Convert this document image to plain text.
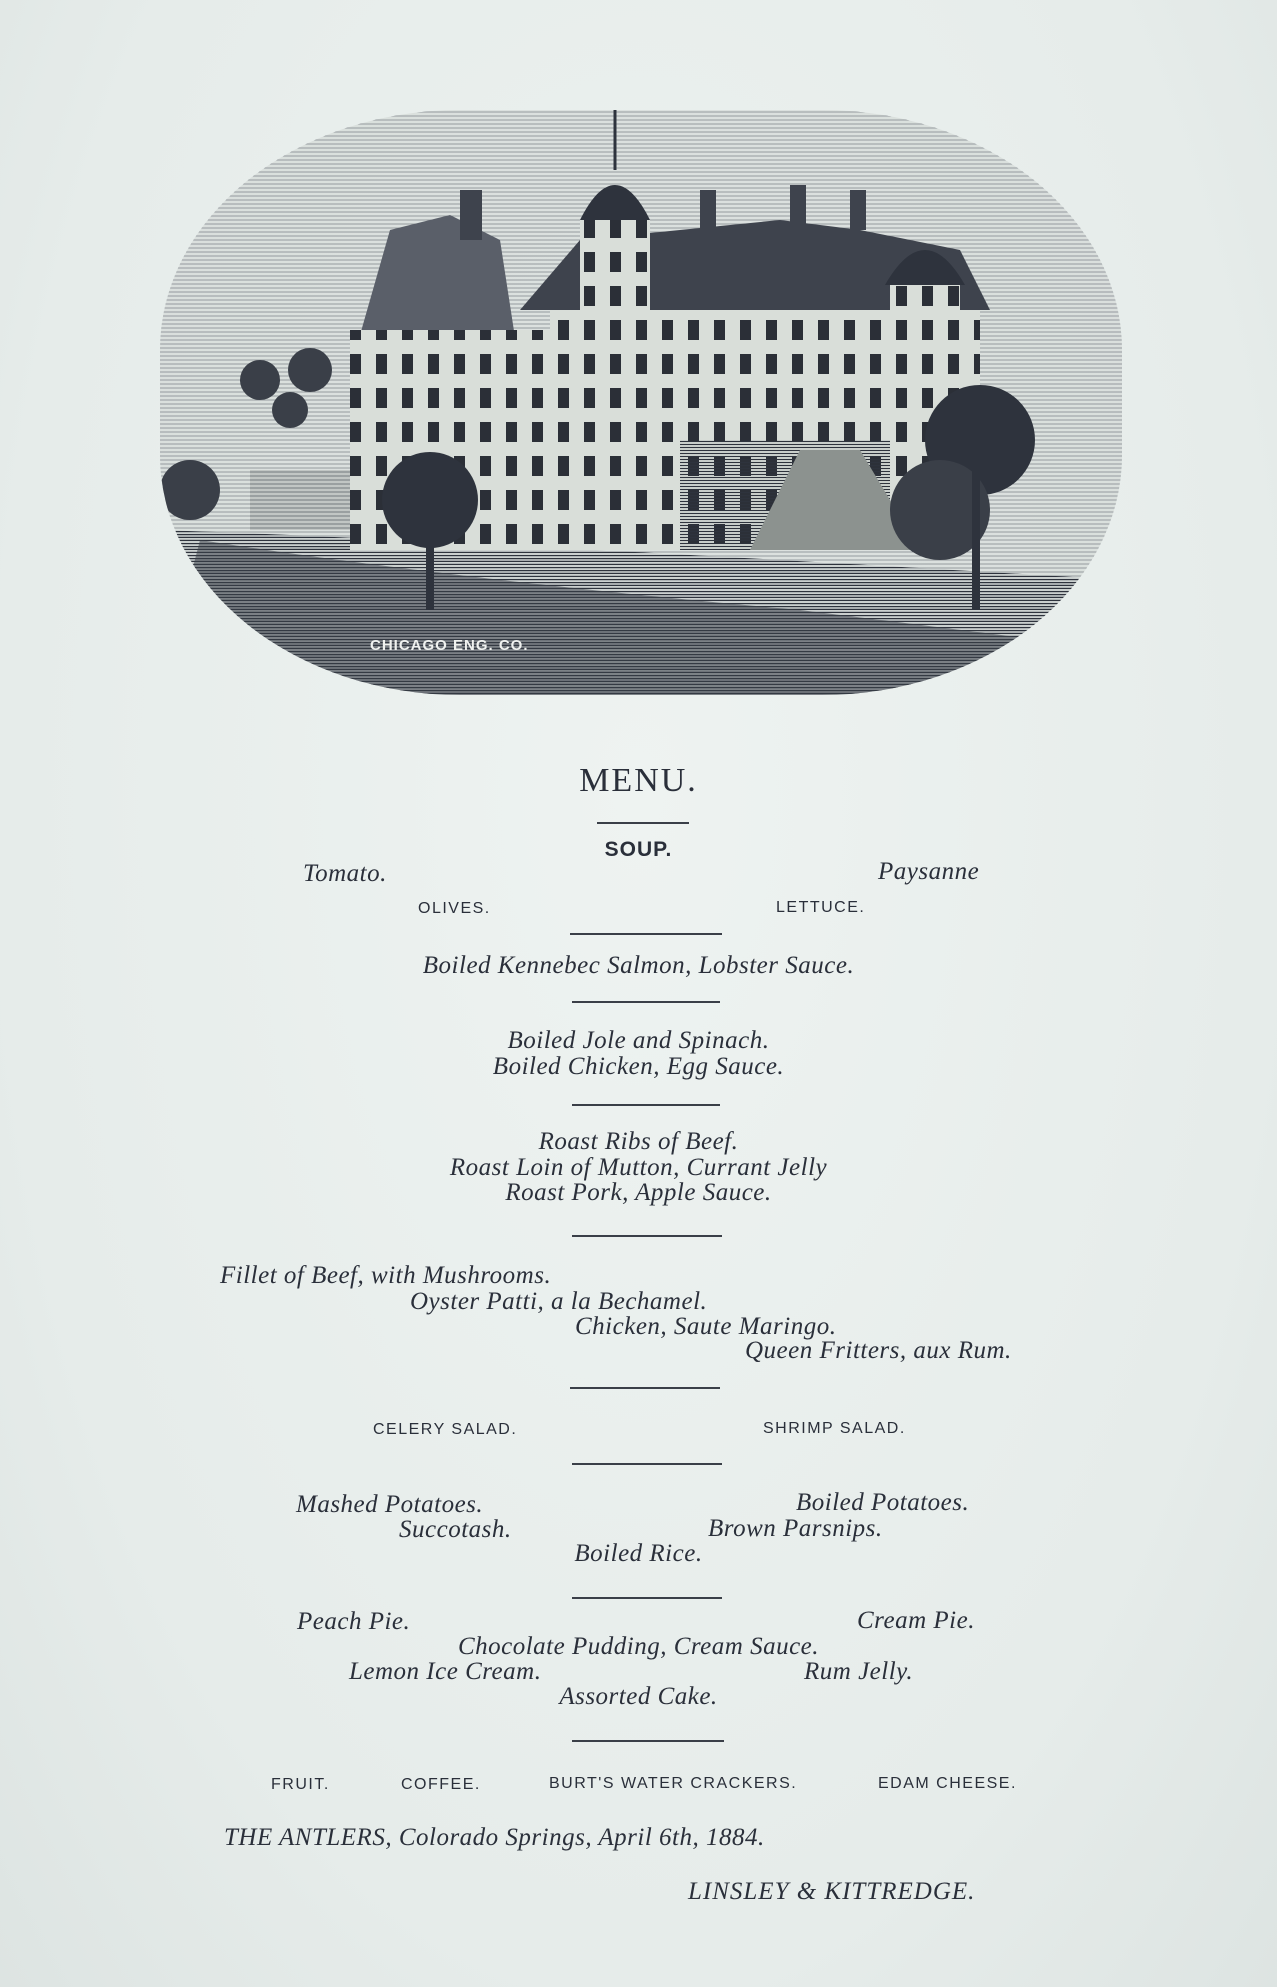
CHICAGO ENG. CO.
MENU.
SOUP.
Tomato.	Paysanne
OLIVES.	LETTUCE.
Boiled Kennebec Salmon, Lobster Sauce.
Boiled Jole and Spinach.
Boiled Chicken, Egg Sauce.
Roast Ribs of Beef.
Roast Loin of Mutton, Currant Jelly
Roast Pork, Apple Sauce.
Fillet of Beef, with Mushrooms.
Oyster Patti, a la Bechamel.
Chicken, Saute Maringo.
Queen Fritters, aux Rum.
CELERY SALAD.	SHRIMP SALAD.
Mashed Potatoes.	Boiled Potatoes.
Succotash.	Brown Parsnips.
Boiled Rice.
Peach Pie.	Cream Pie.
Chocolate Pudding, Cream Sauce.
Lemon Ice Cream.	Rum Jelly.
Assorted Cake.
FRUIT.	COFFEE.	BURT'S WATER CRACKERS.	EDAM CHEESE.
THE ANTLERS, Colorado Springs, April 6th, 1884.
LINSLEY & KITTREDGE.
